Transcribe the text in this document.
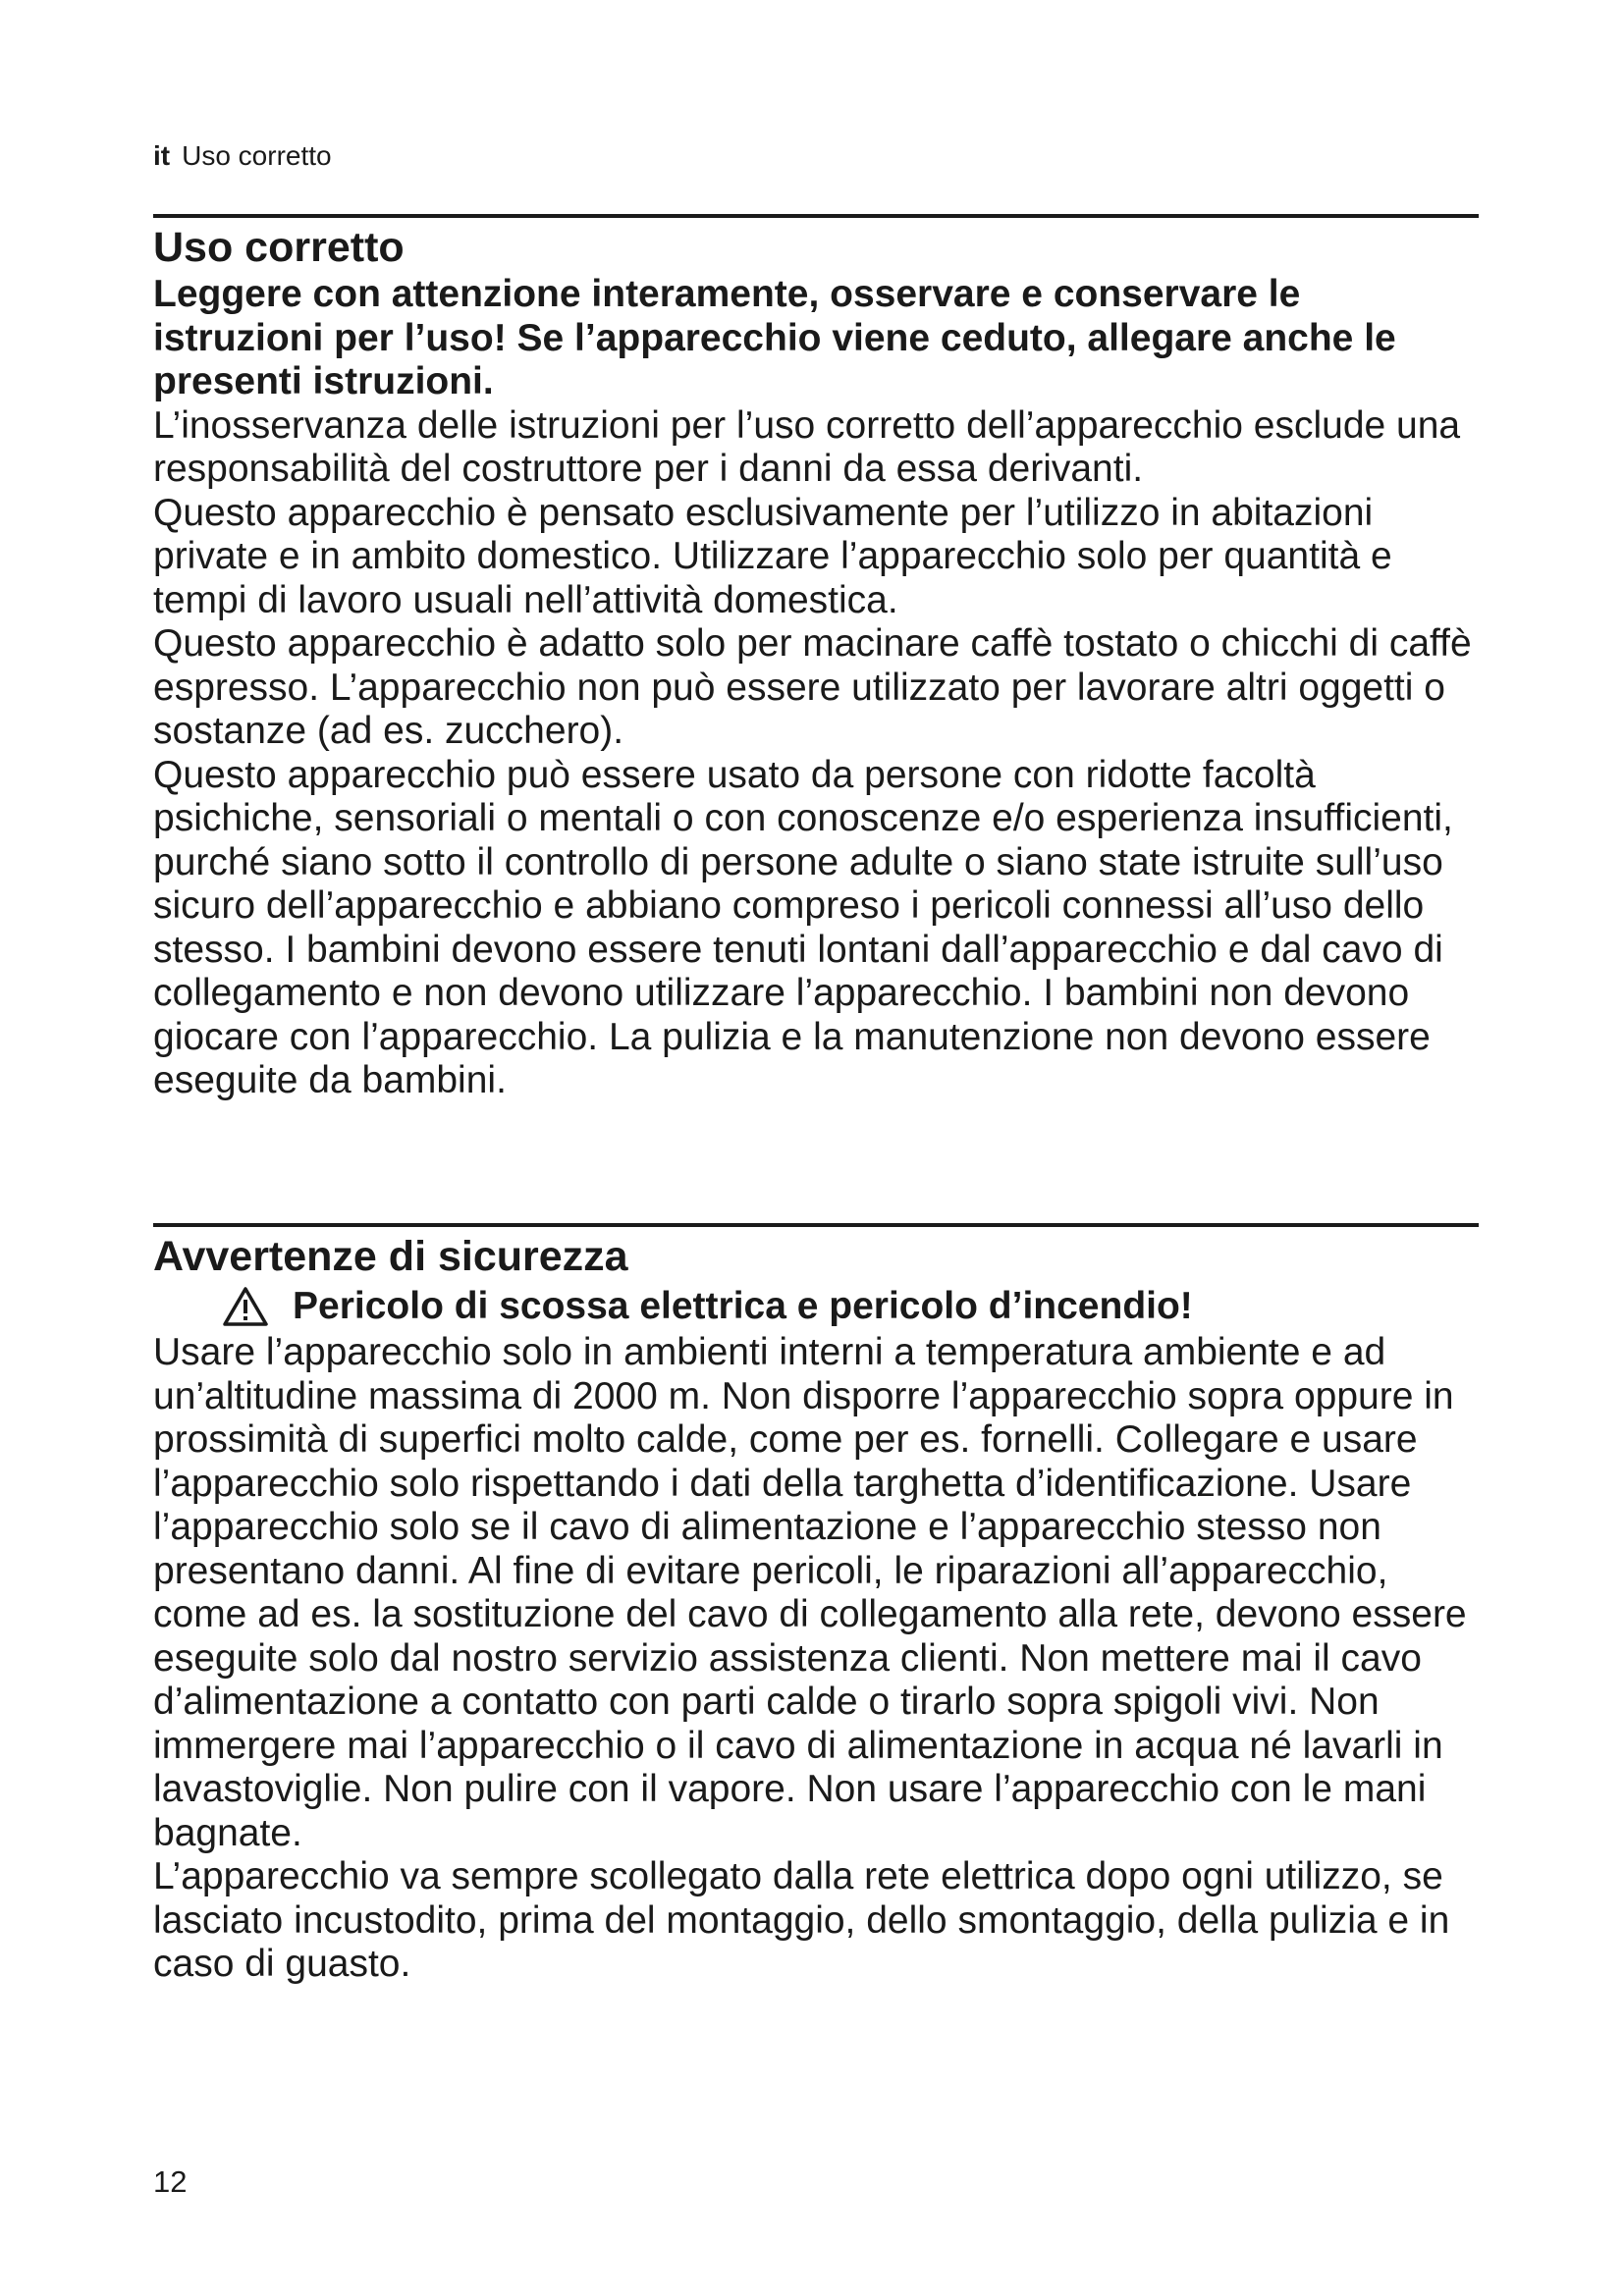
it Uso corretto
Uso corretto

Leggere con attenzione interamente, osservare e conservare le istruzioni per l’uso! Se l’apparecchio viene ceduto, allegare anche le presenti istruzioni.

L’inosservanza delle istruzioni per l’uso corretto dell’apparecchio esclude una responsabilità del costruttore per i danni da essa derivanti.

Questo apparecchio è pensato esclusivamente per l’utilizzo in abitazioni private e in ambito domestico. Utilizzare l’apparecchio solo per quantità e tempi di lavoro usuali nell’attività domestica.

Questo apparecchio è adatto solo per macinare caffè tostato o chicchi di caffè espresso. L’apparecchio non può essere utilizzato per lavorare altri oggetti o sostanze (ad es. zucchero).

Questo apparecchio può essere usato da persone con ridotte facoltà psichiche, sensoriali o mentali o con conoscenze e/o esperienza insufficienti, purché siano sotto il controllo di persone adulte o siano state istruite sull’uso sicuro dell’apparecchio e abbiano compreso i pericoli connessi all’uso dello stesso. I bambini devono essere tenuti lontani dall’apparecchio e dal cavo di collegamento e non devono utilizzare l’apparecchio. I bambini non devono giocare con l’apparecchio. La pulizia e la manutenzione non devono essere eseguite da bambini.

Avvertenze di sicurezza

Pericolo di scossa elettrica e pericolo d’incendio!

Usare l’apparecchio solo in ambienti interni a temperatura ambiente e ad un’altitudine massima di 2000 m. Non disporre l’apparecchio sopra oppure in prossimità di superfici molto calde, come per es. fornelli. Collegare e usare l’apparecchio solo rispettando i dati della targhetta d’identificazione. Usare l’apparecchio solo se il cavo di alimentazione e l’apparecchio stesso non presentano danni. Al fine di evitare pericoli, le riparazioni all’apparecchio, come ad es. la sostituzione del cavo di collegamento alla rete, devono essere eseguite solo dal nostro servizio assistenza clienti. Non mettere mai il cavo d’alimentazione a contatto con parti calde o tirarlo sopra spigoli vivi. Non immergere mai l’apparecchio o il cavo di alimentazione in acqua né lavarli in lavastoviglie. Non pulire con il vapore. Non usare l’apparecchio con le mani bagnate.

L’apparecchio va sempre scollegato dalla rete elettrica dopo ogni utilizzo, se lasciato incustodito, prima del montaggio, dello smontaggio, della pulizia e in caso di guasto.

12
